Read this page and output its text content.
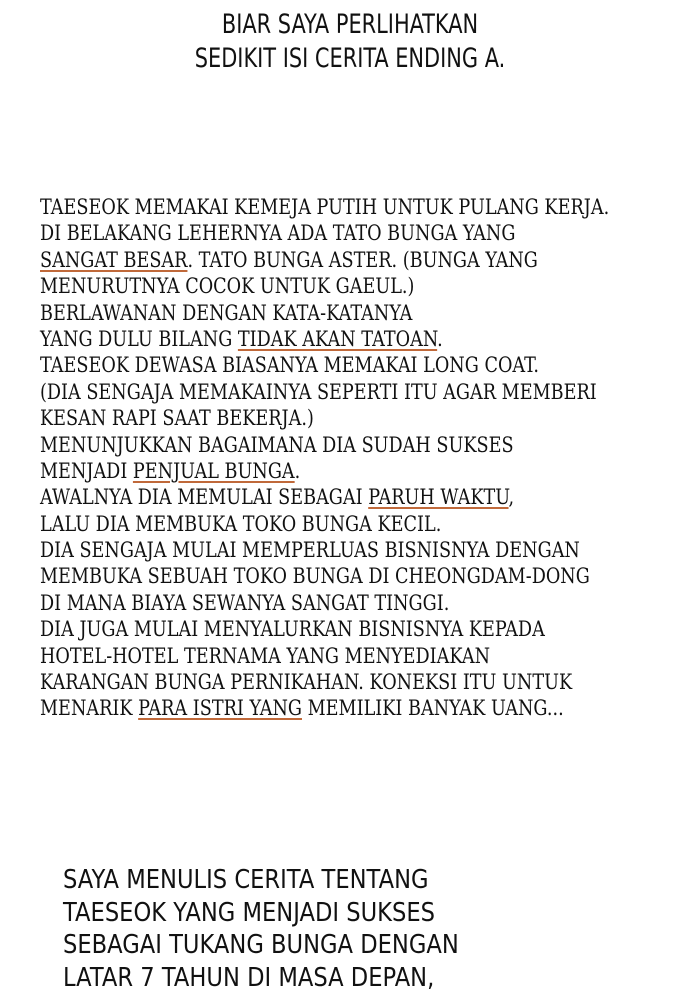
BIAR SAYA PERLIHATKAN
SEDIKIT ISI CERITA ENDING A.
TAESEOK MEMAKAI KEMEJA PUTIH UNTUK PULANG KERJA.
DI BELAKANG LEHERNYA ADA TATO BUNGA YANG
SANGAT BESAR. TATO BUNGA ASTER. (BUNGA YANG
MENURUTNYA COCOK UNTUK GAEUL.)
BERLAWANAN DENGAN KATA-KATANYA
YANG DULU BILANG TIDAK AKAN TATOAN.
TAESEOK DEWASA BIASANYA MEMAKAI LONG COAT.
(DIA SENGAJA MEMAKAINYA SEPERTI ITU AGAR MEMBERI
KESAN RAPI SAAT BEKERJA.)
MENUNJUKKAN BAGAIMANA DIA SUDAH SUKSES
MENJADI PENJUAL BUNGA.
AWALNYA DIA MEMULAI SEBAGAI PARUH WAKTU,
LALU DIA MEMBUKA TOKO BUNGA KECIL.
DIA SENGAJA MULAI MEMPERLUAS BISNISNYA DENGAN
MEMBUKA SEBUAH TOKO BUNGA DI CHEONGDAM-DONG
DI MANA BIAYA SEWANYA SANGAT TINGGI.
DIA JUGA MULAI MENYALURKAN BISNISNYA KEPADA
HOTEL-HOTEL TERNAMA YANG MENYEDIAKAN
KARANGAN BUNGA PERNIKAHAN. KONEKSI ITU UNTUK
MENARIK PARA ISTRI YANG MEMILIKI BANYAK UANG...
SAYA MENULIS CERITA TENTANG
TAESEOK YANG MENJADI SUKSES
SEBAGAI TUKANG BUNGA DENGAN
LATAR 7 TAHUN DI MASA DEPAN,
